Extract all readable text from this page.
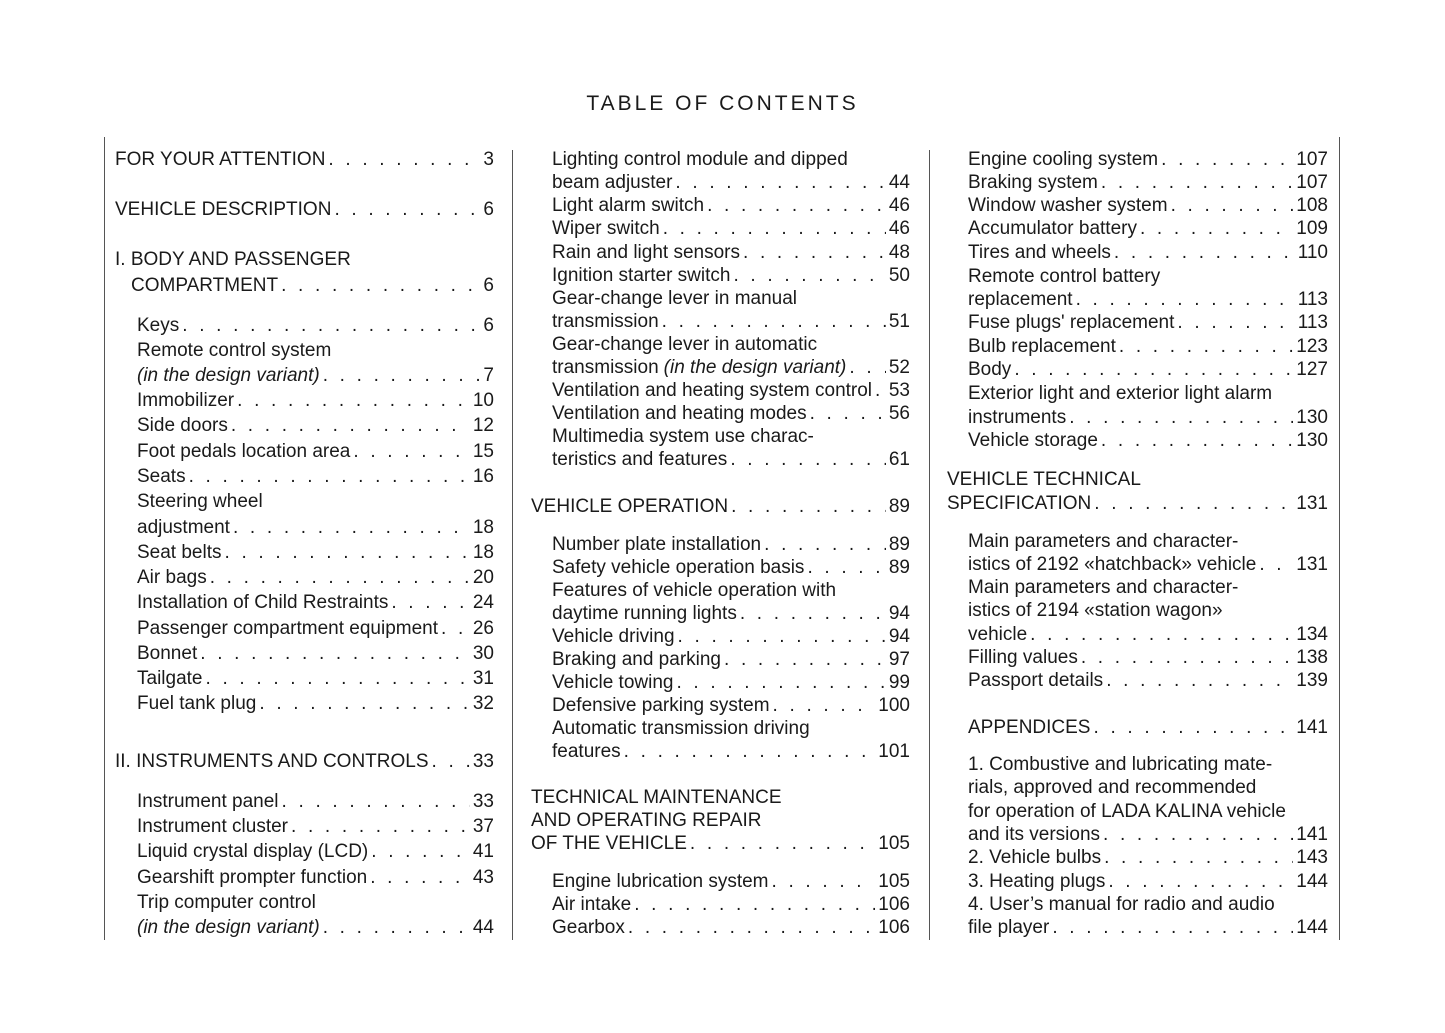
TABLE OF CONTENTS
FOR YOUR ATTENTION . . .	3
VEHICLE DESCRIPTION . . .	6
I. BODY AND PASSENGER
COMPARTMENT . . .	6
Keys . . .	6
Remote control system
(in the design variant) . . .	7
Immobilizer . . .	10
Side doors . . .	12
Foot pedals location area . . .	15
Seats . . .	16
Steering wheel
adjustment . . .	18
Seat belts . . .	18
Air bags . . .	20
Installation of Child Restraints . . .	24
Passenger compartment equipment . . . 26
Bonnet . . .	30
Tailgate . . .	31
Fuel tank plug . . .	32
II. INSTRUMENTS AND CONTROLS . . . 33
Instrument panel . . .	33
Instrument cluster . . .	37
Liquid crystal display (LCD) . . .	41
Gearshift prompter function . . .	43
Trip computer control
(in the design variant) . . .	44
Lighting control module and dipped
beam adjuster . . .	44
Light alarm switch . . .	46
Wiper switch . . .	46
Rain and light sensors . . .	48
Ignition starter switch . . .	50
Gear-change lever in manual
transmission . . .	51
Gear-change lever in automatic
transmission (in the design variant) . . . 52
Ventilation and heating system control . . . 53
Ventilation and heating modes . . .	56
Multimedia system use charac-
teristics and features . . .	61
VEHICLE OPERATION . . .	89
Number plate installation . . .	89
Safety vehicle operation basis . . .	89
Features of vehicle operation with
daytime running lights . . .	94
Vehicle driving . . .	94
Braking and parking . . .	97
Vehicle towing . . .	99
Defensive parking system . . .	100
Automatic transmission driving
features . . .	101
TECHNICAL MAINTENANCE
AND OPERATING REPAIR
OF THE VEHICLE . . .	105
Engine lubrication system . . .	105
Air intake . . .	106
Gearbox . . .	106
Engine cooling system . . .	107
Braking system . . .	107
Window washer system . . .	108
Accumulator battery . . .	109
Tires and wheels . . .	110
Remote control battery
replacement . . .	113
Fuse plugs' replacement . . .	113
Bulb replacement . . .	123
Body . . .	127
Exterior light and exterior light alarm
instruments . . .	130
Vehicle storage . . .	130
VEHICLE TECHNICAL
SPECIFICATION . . .	131
Main parameters and character-
istics of 2192 «hatchback» vehicle . . . 131
Main parameters and character-
istics of 2194 «station wagon»
vehicle . . .	134
Filling values . . .	138
Passport details . . .	139
APPENDICES . . .	141
1. Combustive and lubricating mate-
rials, approved and recommended
for operation of LADA KALINA vehicle
and its versions . . .	141
2. Vehicle bulbs . . .	143
3. Heating plugs . . .	144
4. User’s manual for radio and audio
file player . . .	144
